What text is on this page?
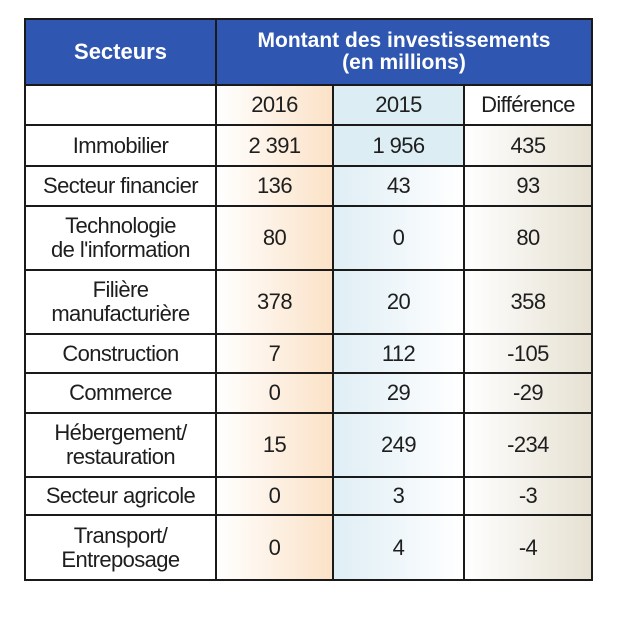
Secteurs	Montant des investissements
(en millions)		
	2016	2015	Différence
Immobilier	2 391	1 956	435
Secteur financier	136	43	93
Technologie
de l'information	80	0	80
Filière
manufacturière	378	20	358
Construction	7	112	-105
Commerce	0	29	-29
Hébergement/
restauration	15	249	-234
Secteur agricole	0	3	-3
Transport/
Entreposage	0	4	-4
